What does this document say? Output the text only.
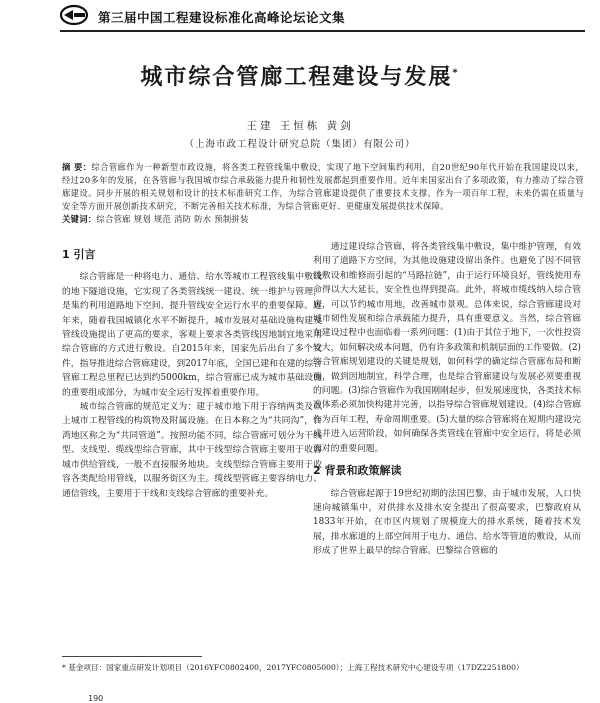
第三届中国工程建设标准化高峰论坛论文集
城市综合管廊工程建设与发展*
王建 王恒栋 黄剑
（上海市政工程设计研究总院（集团）有限公司）
摘 要：综合管廊作为一种新型市政设施，将各类工程管线集中敷设，实现了地下空间集约利用，自20世纪90年代开始在我国建设以来，经过20多年的发展，在各管廊与我国城市综合承载能力提升和韧性发展都起到重要作用。近年来国家出台了多项政策，有力推动了综合管廊建设。同步开展的相关规划和设计的技术标准研究工作，为综合管廊建设提供了重要技术支撑。作为一项百年工程，未来仍需在质量与安全等方面开展创新技术研究，不断完善相关技术标准，为综合管廊更好、更健康发展提供技术保障。
关键词：综合管廊 规划 规范 消防 防水 预制拼装
1 引言

综合管廊是一种将电力、通信、给水等城市工程管线集中敷设的地下隧道设施，它实现了各类管线统一建设、统一维护与管理，是集约利用道路地下空间、提升管线安全运行水平的重要保障。近年来，随着我国城镇化水平不断提升，城市发展对基础设施构建及管线设施提出了更高的要求，客观上要求各类管线因地制宜地采用综合管廊的方式进行敷设。自2015年来，国家先后出台了多个文件，指导推进综合管廊建设，到2017年底，全国已建和在建的综合管廊工程总里程已达到约5000km，综合管廊已成为城市基础设施的重要组成部分，为城市安全运行发挥着重要作用。

城市综合管廊的规范定义为：建于城市地下用于容纳两类及以上城市工程管线的构筑物及附属设施。在日本称之为“共同沟”，台湾地区称之为“共同管道”。按照功能不同，综合管廊可划分为干线型、支线型、缆线型综合管廊，其中干线型综合管廊主要用于收容城市供给管线，一般不直接服务地块。支线型综合管廊主要用于收容各类配给用管线，以服务街区为主。缆线型管廊主要容纳电力、通信管线，主要用于干线和支线综合管廊的重要补充。

通过建设综合管廊，将各类管线集中敷设，集中维护管理，有效利用了道路下方空间，为其他设施建设留出条件。也避免了因不同管线敷设和维修而引起的“马路拉链”，由于运行环境良好，管线使用寿命得以大大延长，安全性也得到提高。此外，将城市缆线纳入综合管廊，可以节约城市用地，改善城市景观。总体来说，综合管廊建设对城市韧性发展和综合承载能力提升，具有重要意义。当然，综合管廊在建设过程中也面临着一系列问题：(1)由于其位于地下，一次性投资较大，如何解决成本问题，仍有许多政策和机制层面的工作要做。(2)综合管廊规划建设的关键是规划，如何科学的确定综合管廊布局和断面，做到因地制宜，科学合理，也是综合管廊建设与发展必须要重视的问题。(3)综合管廊作为我国刚刚起步，但发展速度快，各类技术标准体系必须加快构建并完善，以指导综合管廊规划建设。(4)综合管廊作为百年工程，寿命周期重要。(5)大量的综合管廊将在短期内建设完成并进入运营阶段，如何确保各类管线在管廊中安全运行，将是必须面对的重要问题。

2 背景和政策解读

综合管廊起源于19世纪初期的法国巴黎，由于城市发展，人口快速向城镇集中，对供排水及排水安全提出了很高要求，巴黎政府从1833年开始，在市区内规划了规模庞大的排水系统，随着技术发展，排水廊道的上部空间用于电力、通信、给水等管道的敷设，从而形成了世界上最早的综合管廊。巴黎综合管廊的

* 基金项目：国家重点研发计划项目（2016YFC0802400，2017YFC0805000）；上海工程技术研究中心建设专项（17DZ2251800）
190
